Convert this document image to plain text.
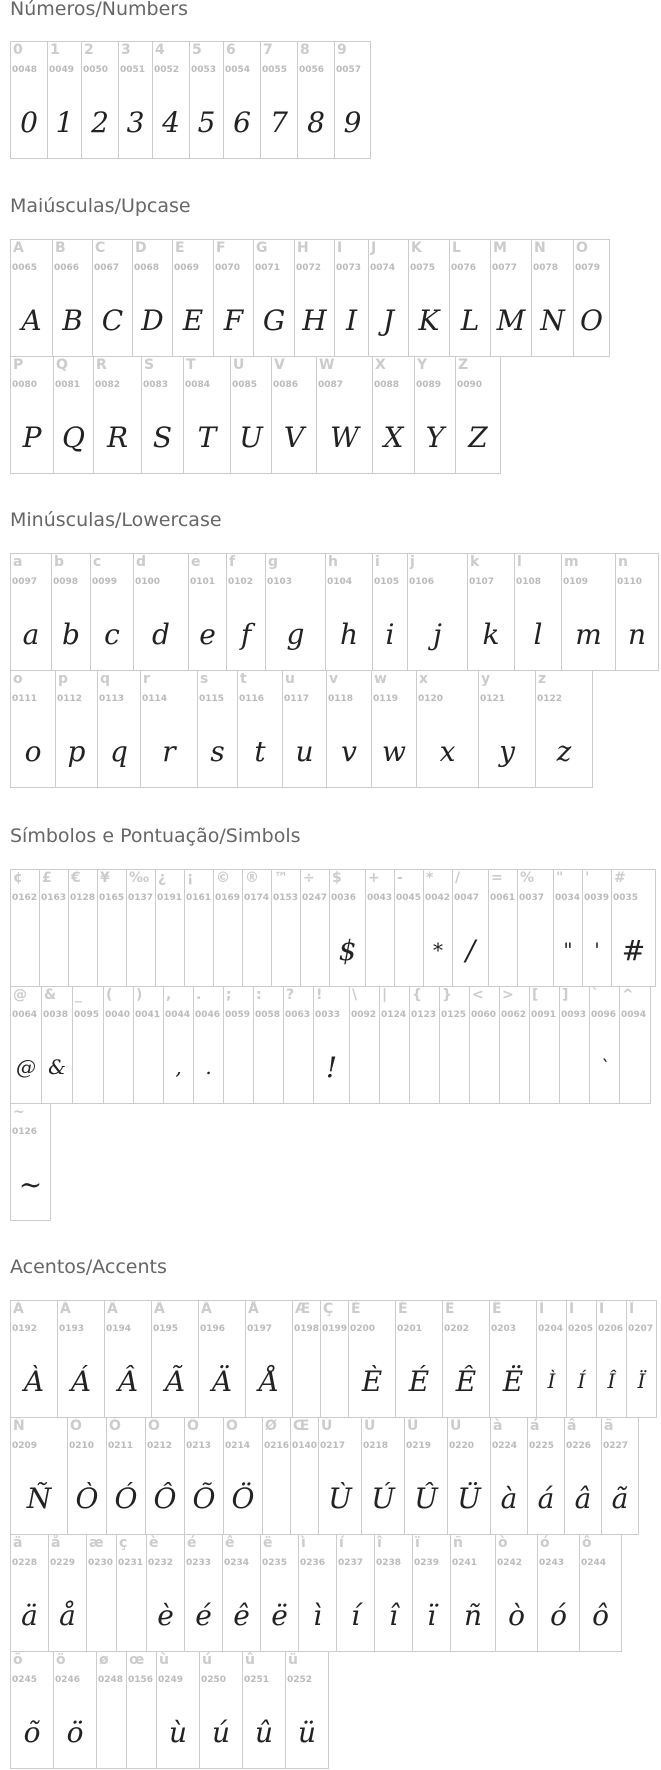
Números/Numbers
0
0048
0
1
0049
1
2
0050
2
3
0051
3
4
0052
4
5
0053
5
6
0054
6
7
0055
7
8
0056
8
9
0057
9
Maiúsculas/Upcase
A
0065
A
B
0066
B
C
0067
C
D
0068
D
E
0069
E
F
0070
F
G
0071
G
H
0072
H
I
0073
I
J
0074
J
K
0075
K
L
0076
L
M
0077
M
N
0078
N
O
0079
O
P
0080
P
Q
0081
Q
R
0082
R
S
0083
S
T
0084
T
U
0085
U
V
0086
V
W
0087
W
X
0088
X
Y
0089
Y
Z
0090
Z
Minúsculas/Lowercase
a
0097
a
b
0098
b
c
0099
c
d
0100
d
e
0101
e
f
0102
f
g
0103
g
h
0104
h
i
0105
i
j
0106
j
k
0107
k
l
0108
l
m
0109
m
n
0110
n
o
0111
o
p
0112
p
q
0113
q
r
0114
r
s
0115
s
t
0116
t
u
0117
u
v
0118
v
w
0119
w
x
0120
x
y
0121
y
z
0122
z
Símbolos e Pontuação/Simbols
¢
0162
£
0163
€
0128
¥
0165
‰
0137
¿
0191
¡
0161
©
0169
®
0174
™
0153
÷
0247
$
0036
$
+
0043
-
0045
*
0042
*
/
0047
/
=
0061
%
0037
"
0034
"
'
0039
'
#
0035
#
@
0064
@
&
0038
&
_
0095
(
0040
)
0041
,
0044
,
.
0046
.
;
0059
:
0058
?
0063
!
0033
!
\
0092
|
0124
{
0123
}
0125
<
0060
>
0062
[
0091
]
0093
`
0096
`
^
0094
~
0126
~
Acentos/Accents
À
0192
À
Á
0193
Á
Â
0194
Â
Ã
0195
Ã
Ä
0196
Ä
Å
0197
Å
Æ
0198
Ç
0199
È
0200
È
É
0201
É
Ê
0202
Ê
Ë
0203
Ë
Ì
0204
Ì
Í
0205
Í
Î
0206
Î
Ï
0207
Ï
Ñ
0209
Ñ
Ò
0210
Ò
Ó
0211
Ó
Ô
0212
Ô
Õ
0213
Õ
Ö
0214
Ö
Ø
0216
Œ
0140
Ù
0217
Ù
Ú
0218
Ú
Û
0219
Û
Ü
0220
Ü
à
0224
à
á
0225
á
â
0226
â
ã
0227
ã
ä
0228
ä
å
0229
å
æ
0230
ç
0231
è
0232
è
é
0233
é
ê
0234
ê
ë
0235
ë
ì
0236
ì
í
0237
í
î
0238
î
ï
0239
ï
ñ
0241
ñ
ò
0242
ò
ó
0243
ó
ô
0244
ô
õ
0245
õ
ö
0246
ö
ø
0248
œ
0156
ù
0249
ù
ú
0250
ú
û
0251
û
ü
0252
ü
